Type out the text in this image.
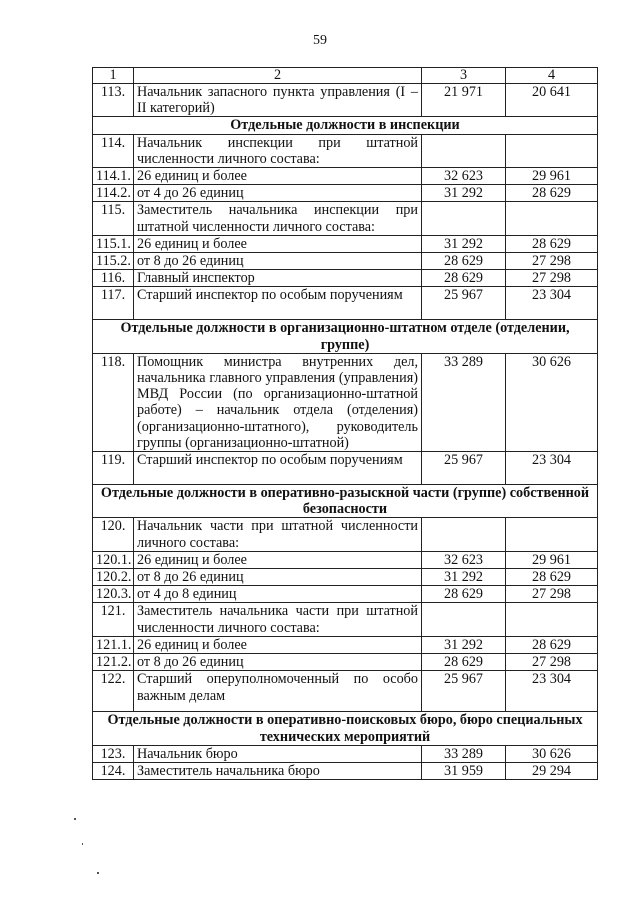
59
1	2	3	4
113.	Начальник запасного пункта управления (I – II категорий)	21 971	20 641
Отдельные должности в инспекции			
114.	Начальник инспекции при штатной численности личного состава:		
114.1.	26 единиц и более	32 623	29 961
114.2.	от 4 до 26 единиц	31 292	28 629
115.	Заместитель начальника инспекции при штатной численности личного состава:		
115.1.	26 единиц и более	31 292	28 629
115.2.	от 8 до 26 единиц	28 629	27 298
116.	Главный инспектор	28 629	27 298
117.	Старший инспектор по особым поручениям	25 967	23 304
Отдельные должности в организационно-штатном отделе (отделении, группе)			
118.	Помощник министра внутренних дел, начальника главного управления (управления) МВД России (по организационно-штатной работе) – начальник отдела (отделения) (организационно-штатного), руководитель группы (организационно-штатной)	33 289	30 626
119.	Старший инспектор по особым поручениям	25 967	23 304
Отдельные должности в оперативно-разыскной части (группе) собственной безопасности			
120.	Начальник части при штатной численности личного состава:		
120.1.	26 единиц и более	32 623	29 961
120.2.	от 8 до 26 единиц	31 292	28 629
120.3.	от 4 до 8 единиц	28 629	27 298
121.	Заместитель начальника части при штатной численности личного состава:		
121.1.	26 единиц и более	31 292	28 629
121.2.	от 8 до 26 единиц	28 629	27 298
122.	Старший оперуполномоченный по особо важным делам	25 967	23 304
Отдельные должности в оперативно-поисковых бюро, бюро специальных технических мероприятий			
123.	Начальник бюро	33 289	30 626
124.	Заместитель начальника бюро	31 959	29 294
